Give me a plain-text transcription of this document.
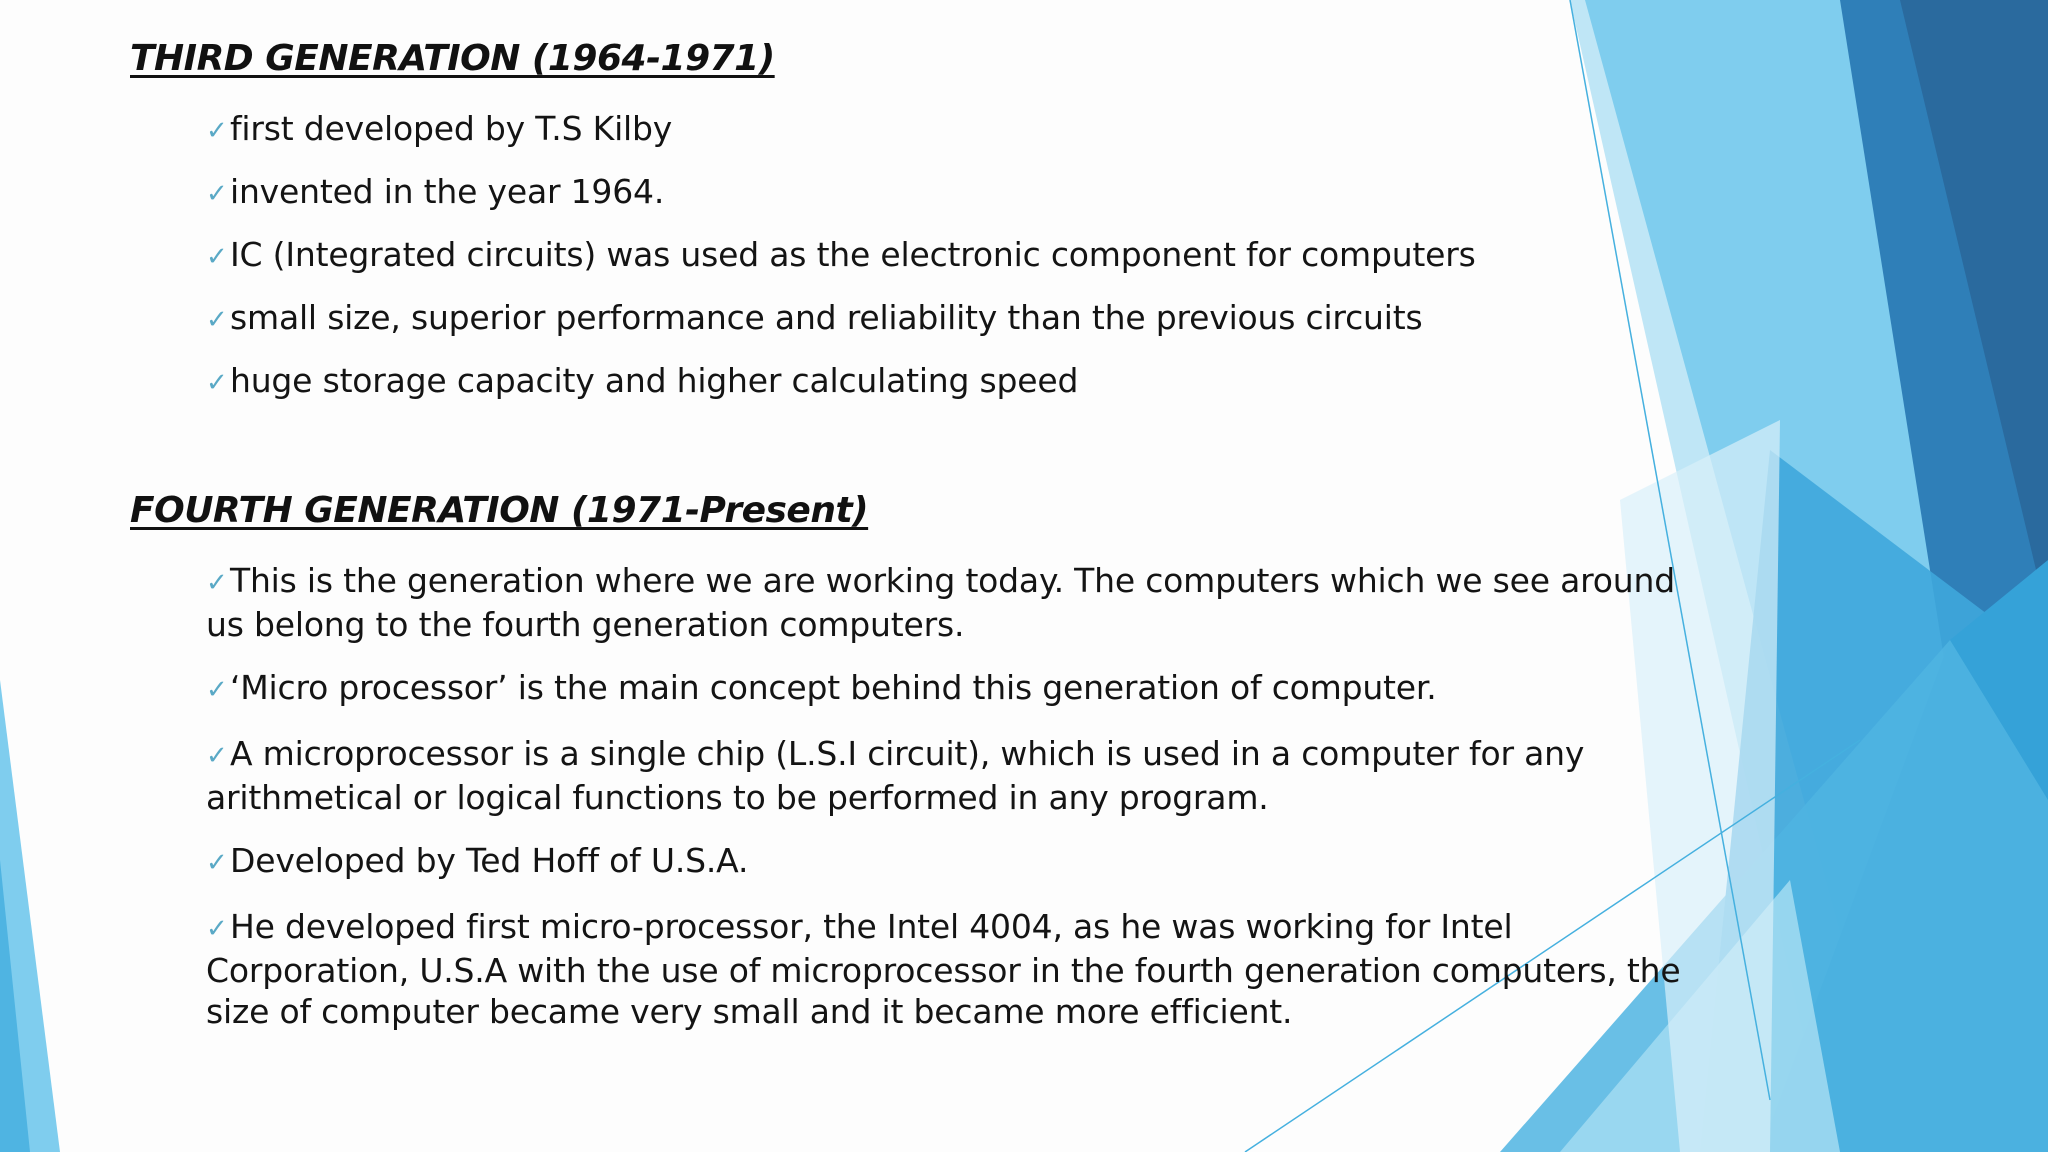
THIRD GENERATION (1964-1971)
✓first developed by T.S Kilby
✓invented in the year 1964.
✓IC (Integrated circuits) was used as the electronic component for computers
✓small size, superior performance and reliability than the previous circuits
✓huge storage capacity and higher calculating speed
FOURTH GENERATION (1971-Present)
✓This is the generation where we are working today. The computers which we see around
us belong to the fourth generation computers.
✓‘Micro processor’ is the main concept behind this generation of computer.
✓A microprocessor is a single chip (L.S.I circuit), which is used in a computer for any
arithmetical or logical functions to be performed in any program.
✓Developed by Ted Hoff of U.S.A.
✓He developed first micro-processor, the Intel 4004, as he was working for Intel
Corporation, U.S.A with the use of microprocessor in the fourth generation computers, the
size of computer became very small and it became more efficient.
